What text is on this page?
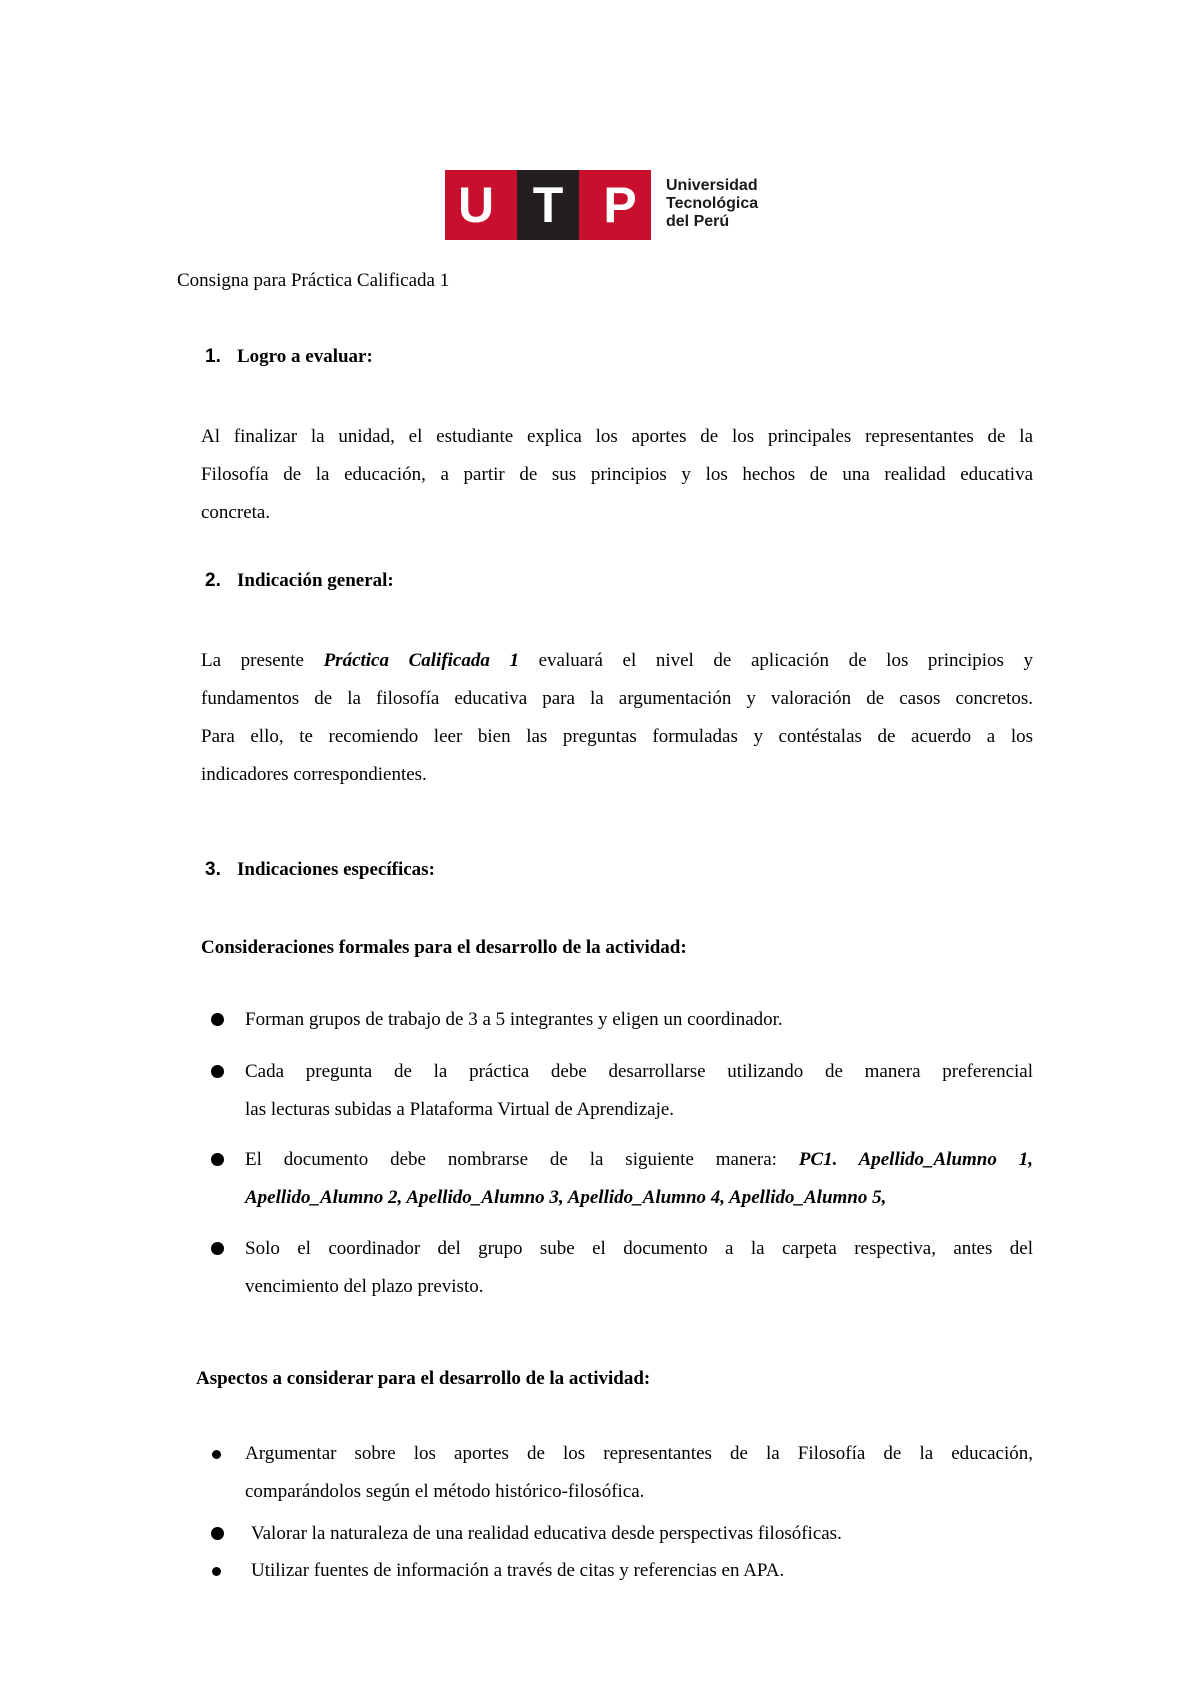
U T P	Universidad
Tecnológica
del Perú
Consigna para Práctica Calificada 1
1. Logro a evaluar:
Al finalizar la unidad, el estudiante explica los aportes de los principales representantes de la
Filosofía de la educación, a partir de sus principios y los hechos de una realidad educativa
concreta.
2. Indicación general:
La presente Práctica Calificada 1 evaluará el nivel de aplicación de los principios y
fundamentos de la filosofía educativa para la argumentación y valoración de casos concretos.
Para ello, te recomiendo leer bien las preguntas formuladas y contéstalas de acuerdo a los
indicadores correspondientes.
3. Indicaciones específicas:
Consideraciones formales para el desarrollo de la actividad:
Forman grupos de trabajo de 3 a 5 integrantes y eligen un coordinador.
Cada pregunta de la práctica debe desarrollarse utilizando de manera preferencial
las lecturas subidas a Plataforma Virtual de Aprendizaje.
El documento debe nombrarse de la siguiente manera: PC1. Apellido_Alumno 1,
Apellido_Alumno 2, Apellido_Alumno 3, Apellido_Alumno 4, Apellido_Alumno 5,
Solo el coordinador del grupo sube el documento a la carpeta respectiva, antes del
vencimiento del plazo previsto.
Aspectos a considerar para el desarrollo de la actividad:
Argumentar sobre los aportes de los representantes de la Filosofía de la educación,
comparándolos según el método histórico-filosófica.
Valorar la naturaleza de una realidad educativa desde perspectivas filosóficas.
Utilizar fuentes de información a través de citas y referencias en APA.
